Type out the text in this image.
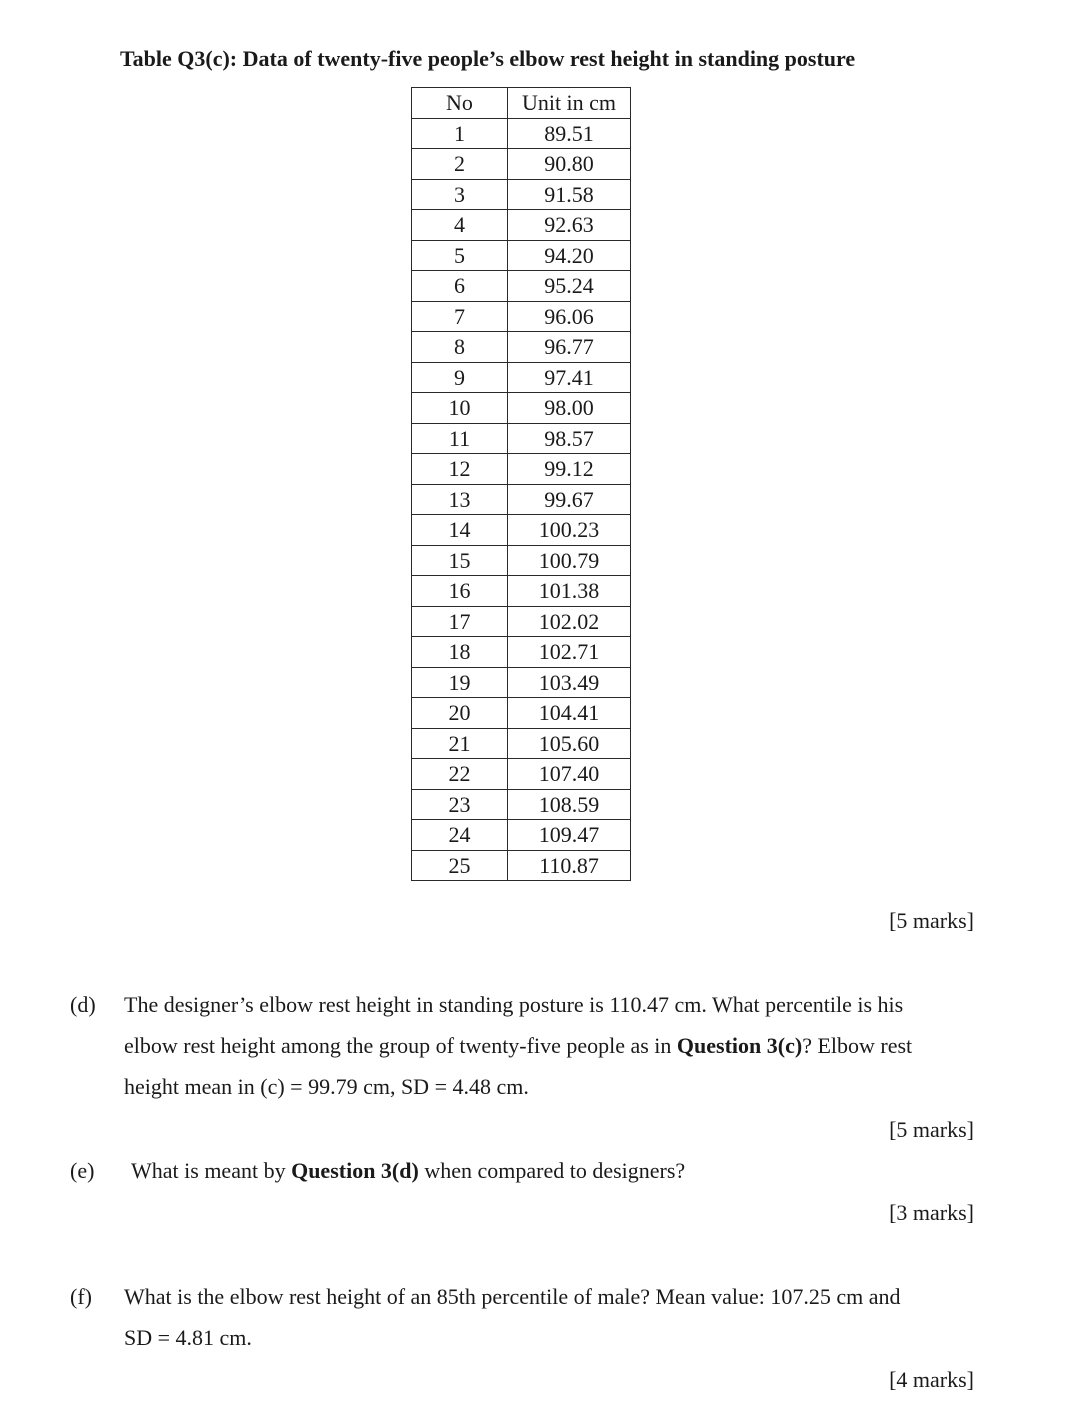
Table Q3(c): Data of twenty-five people’s elbow rest height in standing posture
No	Unit in cm
1	89.51
2	90.80
3	91.58
4	92.63
5	94.20
6	95.24
7	96.06
8	96.77
9	97.41
10	98.00
11	98.57
12	99.12
13	99.67
14	100.23
15	100.79
16	101.38
17	102.02
18	102.71
19	103.49
20	104.41
21	105.60
22	107.40
23	108.59
24	109.47
25	110.87
[5 marks]
(d) The designer’s elbow rest height in standing posture is 110.47 cm. What percentile is his
elbow rest height among the group of twenty-five people as in Question 3(c)? Elbow rest
height mean in (c) = 99.79 cm, SD = 4.48 cm.
[5 marks]
(e) What is meant by Question 3(d) when compared to designers?
[3 marks]
(f) What is the elbow rest height of an 85th percentile of male? Mean value: 107.25 cm and
SD = 4.81 cm.
[4 marks]
